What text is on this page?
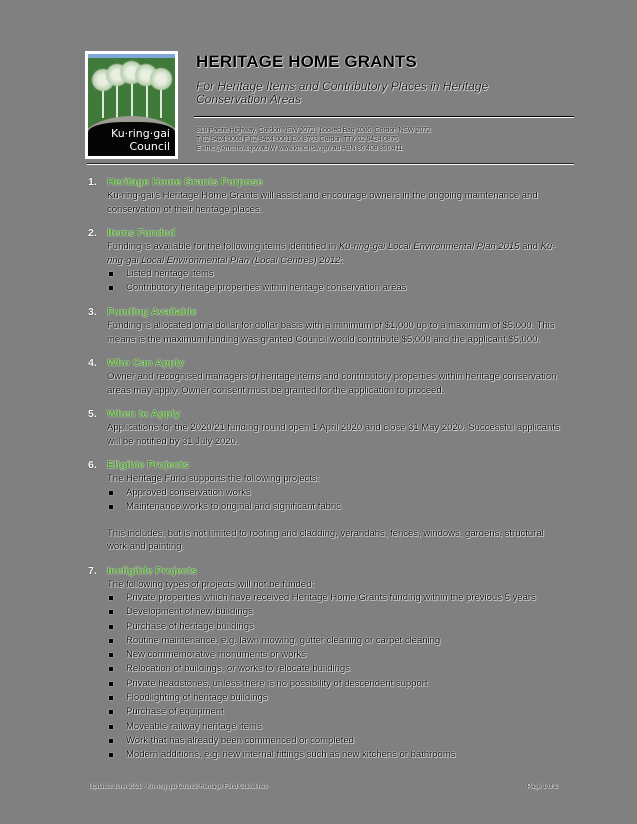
Ku·ring·gai
Council
HERITAGE HOME GRANTS
For Heritage Items and Contributory Places in Heritage Conservation Areas
818 Pacific Highway, Gordon NSW 2072 | Locked Bag 1006, Gordon NSW 2072
T 02 9424 0000 F 02 9424 0001 DX 8703 Gordon TTY 02 9424 0875
E kmc@kmc.nsw.gov.au W www.kmc.nsw.gov.au ABN 86 408 856 411
1. Heritage Home Grants Purpose

Ku-ring-gai's Heritage Home Grants will assist and encourage owners in the ongoing maintenance and conservation of their heritage places.

2. Items Funded

Funding is available for the following items identified in Ku-ring-gai Local Environmental Plan 2015 and Ku-ring-gai Local Environmental Plan (Local Centres) 2012:

Listed heritage items
Contributory heritage properties within heritage conservation areas
3. Funding Available

Funding is allocated on a dollar for dollar basis with a minimum of $1,000 up to a maximum of $5,000. This means is the maximum funding was granted Council would contribute $5,000 and the applicant $5,000.

4. Who Can Apply

Owner and recognised managers of heritage items and contributory properties within heritage conservation areas may apply. Owner consent must be granted for the application to proceed.

5. When to Apply

Applications for the 2020/21 funding round open 1 April 2020 and close 31 May 2020. Successful applicants will be notified by 31 July 2020.

6. Eligible Projects

The Heritage Fund supports the following projects:

Approved conservation works
Maintenance works to original and significant fabric

This includes, but is not limited to roofing and cladding, verandahs, fences, windows, gardens, structural work and painting.

7. Ineligible Projects

The following types of projects will not be funded:

Private properties which have received Heritage Home Grants funding within the previous 5 years
Development of new buildings
Purchase of heritage buildings
Routine maintenance, e.g. lawn mowing, gutter cleaning or carpet cleaning
New commemorative monuments or works
Relocation of buildings, or works to relocate buildings
Private headstones, unless there is no possibility of descendent support
Floodlighting of heritage buildings
Purchase of equipment
Moveable railway heritage items
Work that has already been commenced or completed
Modern additions, e.g. new internal fittings such as new kitchens or bathrooms
Updated June 2021 - Ku-ring-gai Council Heritage Fund Guidelines	Page 1 of 2
